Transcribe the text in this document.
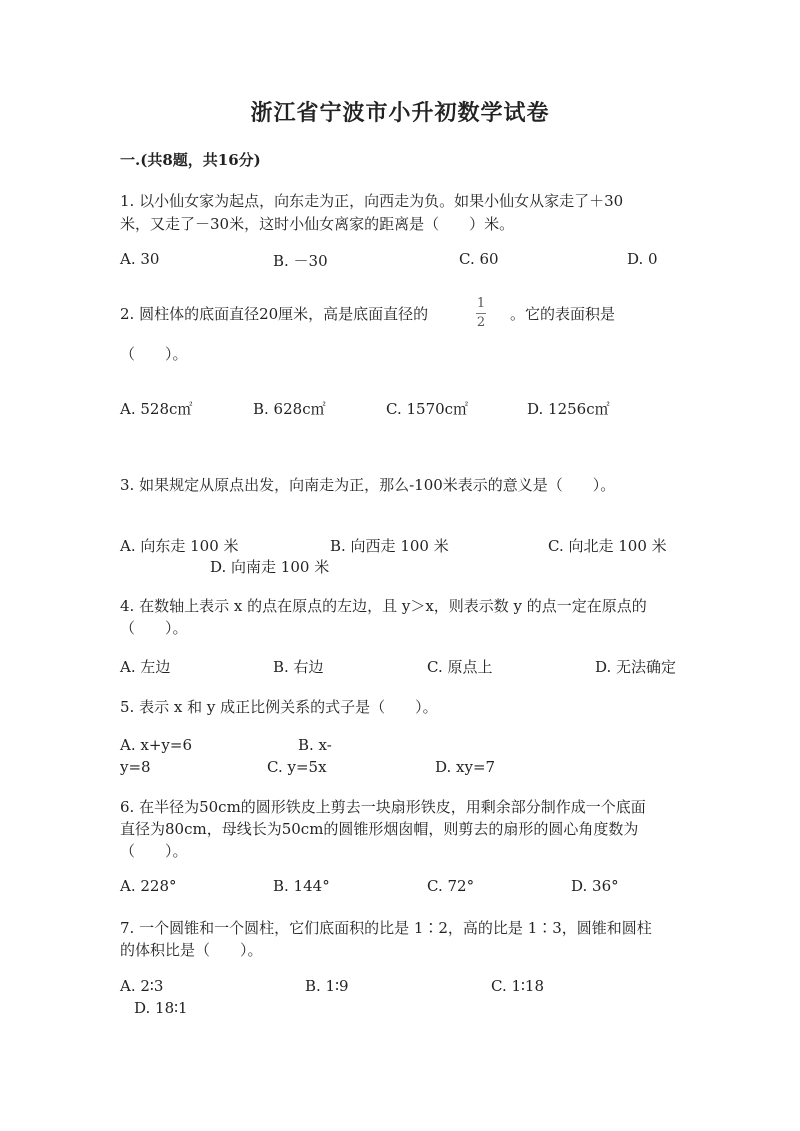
浙江省宁波市小升初数学试卷
一.(共8题，共16分)
1. 以小仙女家为起点，向东走为正，向西走为负。如果小仙女从家走了＋30
米，又走了－30米，这时小仙女离家的距离是（　　）米。
A. 30	B. －30	C. 60	D. 0
2. 圆柱体的底面直径20厘米，高是底面直径的
1
2 。它的表面积是
（　　）。
A. 528c㎡	B. 628c㎡	C. 1570c㎡	D. 1256c㎡
3. 如果规定从原点出发，向南走为正，那么-100米表示的意义是（　　）。
A. 向东走 100 米	B. 向西走 100 米	C. 向北走 100 米
D. 向南走 100 米
4. 在数轴上表示 x 的点在原点的左边，且 y＞x，则表示数 y 的点一定在原点的
（　　）。
A. 左边	B. 右边	C. 原点上	D. 无法确定
5. 表示 x 和 y 成正比例关系的式子是（　　）。
A. x+y=6	B. x-
y=8	C. y=5x	D. xy=7
6. 在半径为50cm的圆形铁皮上剪去一块扇形铁皮，用剩余部分制作成一个底面
直径为80cm，母线长为50cm的圆锥形烟囱帽，则剪去的扇形的圆心角度数为
（　　）。
A. 228°	B. 144°	C. 72°	D. 36°
7. 一个圆锥和一个圆柱，它们底面积的比是 1∶2，高的比是 1∶3，圆锥和圆柱
的体积比是（　　）。
A. 2∶3	B. 1∶9	C. 1∶18
D. 18∶1
